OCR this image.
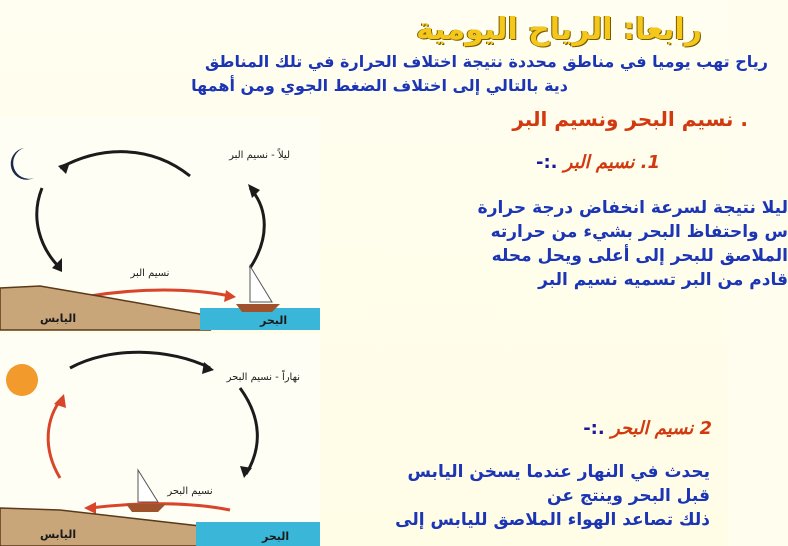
ليلاً - نسيم البر
نسيم البر
اليابس	البحر
نهاراً - نسيم البحر
نسيم البحر
اليابس	البحر
رابعا: الرياح اليومية
رياح تهب يوميا في مناطق محددة نتيجة اختلاف الحرارة في تلك المناطق
دية بالتالي إلى اختلاف الضغط الجوي ومن أهمها
. نسيم البحر ونسيم البر
1. نسيم البر .:-
ليلا نتيجة لسرعة انخفاض درجة حرارة
س واحتفاظ البحر بشيء من حرارته
الملاصق للبحر إلى أعلى ويحل محله
قادم من البر تسميه نسيم البر
2 نسيم البحر .:-
يحدث في النهار عندما يسخن اليابس
قبل البحر وينتج عن
ذلك تصاعد الهواء الملاصق لليابس إلى
